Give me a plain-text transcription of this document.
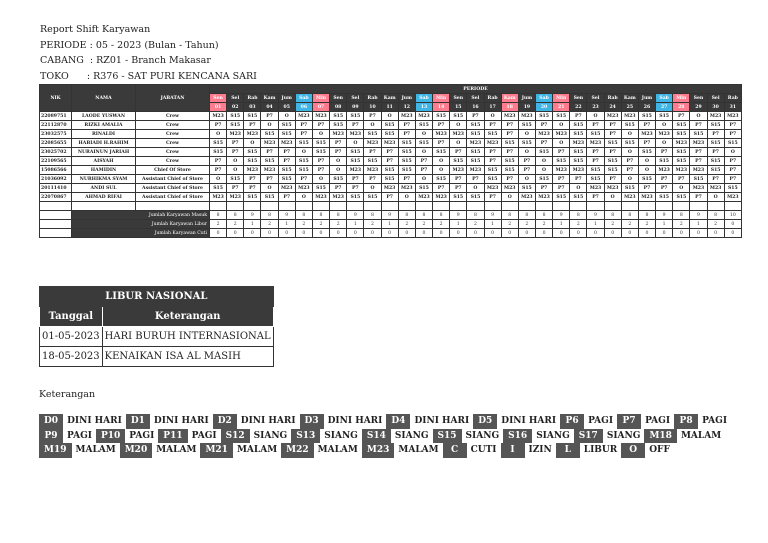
Report Shift Karyawan
PERIODE : 05 - 2023 (Bulan - Tahun)
CABANG  : RZ01 - Branch Makasar
TOKO      : R376 - SAT PURI KENCANA SARI
NIK	NAMA	JABATAN	PERIODE																														
			Sen	Sel	Rab	Kam	Jum	Sab	Min	Sen	Sel	Rab	Kam	Jum	Sab	Min	Sen	Sel	Rab	Kam	Jum	Sab	Min	Sen	Sel	Rab	Kam	Jum	Sab	Min	Sen	Sel	Rab
			01	02	03	04	05	06	07	08	09	10	11	12	13	14	15	16	17	18	19	20	21	22	23	24	25	26	27	28	29	30	31
22089751	LAODE YUSWAN	Crew	M23	S15	S15	P7	O	M23	M23	S15	S15	P7	O	M23	M23	S15	S15	P7	O	M23	M23	S15	S15	P7	O	M23	M23	S15	S15	P7	O	M23	M23
22112870	RIZKI AMALIA	Crew	P7	S15	P7	O	S15	P7	P7	S15	P7	O	S15	P7	S15	P7	O	S15	P7	P7	S15	P7	O	S15	P7	P7	S15	P7	O	S15	P7	S15	P7
23032575	RINALDI	Crew	O	M23	M23	S15	S15	P7	O	M23	M23	S15	S15	P7	O	M23	M23	S15	S15	P7	O	M23	M23	S15	S15	P7	O	M23	M23	S15	S15	P7	P7
22085655	HABIADI H.RAHIM	Crew	S15	P7	O	M23	M23	S15	S15	P7	O	M23	M23	S15	S15	P7	O	M23	M23	S15	S15	P7	O	M23	M23	S15	S15	P7	O	M23	M23	S15	S15
23025702	NURAINUN JARIAH	Crew	S15	P7	S15	P7	P7	O	S15	P7	S15	P7	P7	S15	O	S15	P7	S15	P7	P7	O	S15	P7	S15	P7	P7	O	S15	P7	S15	P7	P7	O
22109565	AISYAH	Crew	P7	O	S15	S15	P7	S15	P7	O	S15	S15	P7	S15	P7	O	S15	S15	P7	S15	P7	O	S15	S15	P7	S15	P7	O	S15	S15	P7	S15	P7
15086566	HAMIDIN	Chief Of Store	P7	O	M23	M23	S15	S15	P7	O	M23	M23	S15	S15	P7	O	M23	M23	S15	S15	P7	O	M23	M23	S15	S15	P7	O	M23	M23	M23	S15	P7
21036092	NURHIKMA SYAM	Assistant Chief of Store	O	S15	P7	P7	S15	P7	O	S15	P7	P7	S15	P7	O	S15	P7	P7	S15	P7	O	S15	P7	P7	S15	P7	O	S15	P7	P7	S15	P7	P7
20111410	ANDI SUL	Assistant Chief of Store	S15	P7	P7	O	M23	M23	S15	P7	P7	O	M23	M23	S15	P7	P7	O	M23	M23	S15	P7	P7	O	M23	M23	S15	P7	P7	O	M23	M23	S15
22070867	AHMAD RIFAI	Assistant Chief of Store	M23	M23	S15	S15	P7	O	M23	M23	S15	S15	P7	O	M23	M23	S15	S15	P7	O	M23	M23	S15	S15	P7	O	M23	M23	S15	S15	P7	O	M23

	Jumlah Karyawan Masuk		8	8	9	8	9	8	8	8	9	8	9	8	8	8	9	8	9	8	8	8	9	8	9	8	8	8	9	8	9	8	10
	Jumlah Karyawan Libur		2	2	1	2	1	2	2	2	1	2	1	2	2	2	1	2	1	2	2	2	1	2	1	2	2	2	1	2	1	2	0
	Jumlah Karyawan Cuti		0	0	0	0	0	0	0	0	0	0	0	0	0	0	0	0	0	0	0	0	0	0	0	0	0	0	0	0	0	0	0
LIBUR NASIONAL	
Tanggal	Keterangan
01-05-2023	HARI BURUH INTERNASIONAL
18-05-2023	KENAIKAN ISA AL MASIH
Keterangan
D0 DINI HARI D1 DINI HARI D2 DINI HARI D3 DINI HARI D4 DINI HARI D5 DINI HARI P6 PAGI P7 PAGI P8 PAGIP9 PAGI P10 PAGI P11 PAGI S12 SIANG S13 SIANG S14 SIANG S15 SIANG S16 SIANG S17 SIANG M18 MALAMM19 MALAM M20 MALAM M21 MALAM M22 MALAM M23 MALAM C CUTI I IZIN L LIBUR O OFF
